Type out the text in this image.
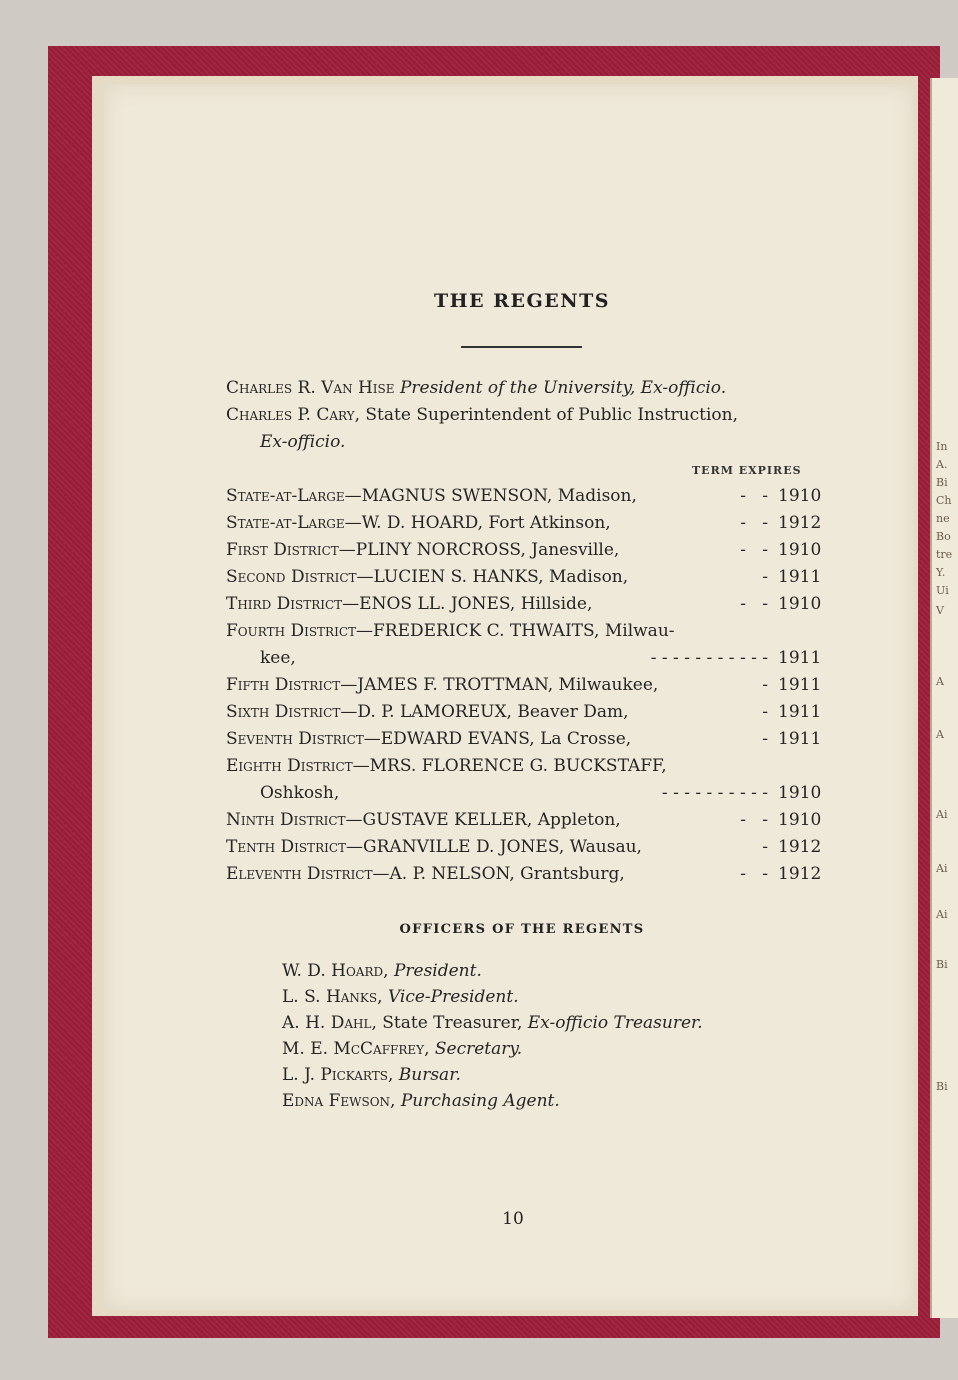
In
A.
Bi
Ch
ne
Bo
tre
Y.
Ui
V
A
A
Ai
Ai
Ai
Bi
Bi
THE REGENTS
Charles R. Van Hise President of the University, Ex-officio.
Charles P. Cary, State Superintendent of Public Instruction,
Ex-officio.
TERM EXPIRES
State-at-Large—MAGNUS SWENSON, Madison,	-   - 1910
State-at-Large—W. D. HOARD, Fort Atkinson,	-   - 1912
First District—PLINY NORCROSS, Janesville,	-   - 1910
Second District—LUCIEN S. HANKS, Madison,	- 1911
Third District—ENOS LL. JONES, Hillside,	-   - 1910
Fourth District—FREDERICK C. THWAITS, Milwau-
kee,	- - - - - - - - - - - 1911
Fifth District—JAMES F. TROTTMAN, Milwaukee,	- 1911
Sixth District—D. P. LAMOREUX, Beaver Dam,	- 1911
Seventh District—EDWARD EVANS, La Crosse,	- 1911
Eighth District—MRS. FLORENCE G. BUCKSTAFF,
Oshkosh,	- - - - - - - - - - 1910
Ninth District—GUSTAVE KELLER, Appleton,	-   - 1910
Tenth District—GRANVILLE D. JONES, Wausau,	- 1912
Eleventh District—A. P. NELSON, Grantsburg,	-   - 1912
OFFICERS OF THE REGENTS
W. D. Hoard, President.
L. S. Hanks, Vice-President.
A. H. Dahl, State Treasurer, Ex-officio Treasurer.
M. E. McCaffrey, Secretary.
L. J. Pickarts, Bursar.
Edna Fewson, Purchasing Agent.
10
